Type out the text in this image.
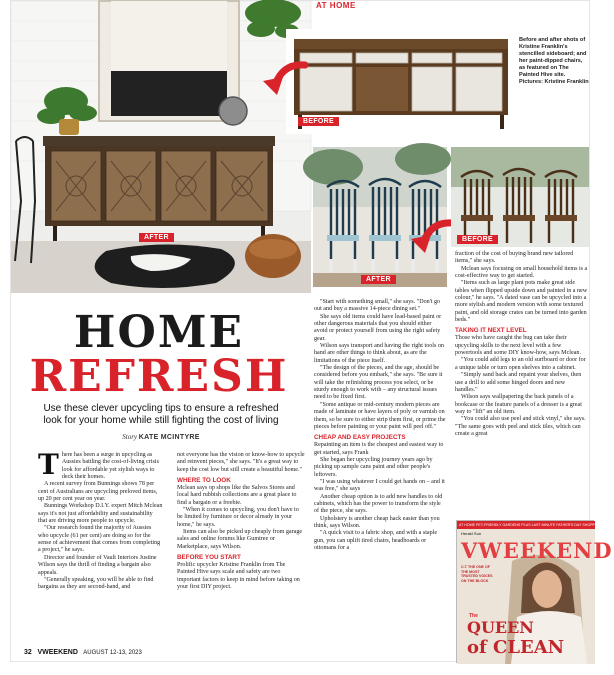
AFTER
AT HOME
BEFORE
Before and after shots of Kristine Franklin's stencilled sideboard; and her paint-dipped chairs, as featured on The Painted Hive site. Pictures: Kristine Franklin
AFTER
BEFORE
HOME
REFRESH
Use these clever upcycling tips to ensure a refreshed look for your home while still fighting the cost of living
Story KATE MCINTYRE

There has been a surge in upcycling as Aussies battling the cost-of-living crisis look for affordable yet stylish ways to deck their homes.

A recent survey from Bunnings shows 78 per cent of Australians are upcycling preloved items, up 20 per cent year on year.

Bunnings Workshop D.I.Y. expert Mitch Mclean says it's not just affordability and sustainability that are driving more people to upcycle.

"Our research found the majority of Aussies who upcycle (61 per cent) are doing so for the sense of achievement that comes from completing a project," he says.

Director and founder of Vault Interiors Justine Wilson says the thrill of finding a bargain also appeals.

"Generally speaking, you will be able to find bargains as they are second-hand, and

not everyone has the vision or know-how to upcycle and reinvent pieces," she says. "It's a great way to keep the cost low but still create a beautiful home."

WHERE TO LOOK

Mclean says op shops like the Salvos Stores and local hard rubbish collections are a great place to find a bargain or a freebie.

"When it comes to upcycling, you don't have to be limited by furniture or decor already in your home," he says.

Items can also be picked up cheaply from garage sales and online forums like Gumtree or Marketplace, says Wilson.

BEFORE YOU START

Prolific upcycler Kristine Franklin from The Painted Hive says scale and safety are two important factors to keep in mind before taking on your first DIY project.

"Start with something small," she says. "Don't go out and buy a massive 14-piece dining set."

She says old items could have lead-based paint or other dangerous materials that you should either avoid or protect yourself from using the right safety gear.

Wilson says transport and having the right tools on hand are other things to think about, as are the limitations of the piece itself.

"The design of the pieces, and the age, should be considered before you embark," she says. "Be sure it will take the refinishing process you select, or be sturdy enough to work with – any structural issues need to be fixed first.

"Some antique or mid-century modern pieces are made of laminate or have layers of poly or varnish on them, so be sure to either strip them first, or prime the pieces before painting or your paint will peel off."

CHEAP AND EASY PROJECTS

Repainting an item is the cheapest and easiest way to get started, says Frank

She began her upcycling journey years ago by picking up sample cans paint and other people's leftovers.

"I was using whatever I could get hands on – and it was free," she says

Another cheap option is to add new handles to old cabinets, which has the power to transform the style of the piece, she says.

Upholstery is another cheap hack easier than you think, says Wilson.

"A quick visit to a fabric shop, and with a staple gun, you can uplift tired chairs, headboards or ottomans for a

fraction of the cost of buying brand new tailored items," she says.

Mclean says focusing on small household items is a cost-effective way to get started.

"Items such as large plant pots make great side tables when flipped upside down and painted in a new colour," he says. "A dated vase can be upcycled into a more stylish and modern version with some textured paint, and old storage crates can be turned into garden beds."

TAKING IT NEXT LEVEL

Those who have caught the bug can take their upcycling skills to the next level with a few powertools and some DIY know-how, says Mclean.

"You could add legs to an old surfboard or door for a unique table or turn open shelves into a cabinet.

"Simply sand back and repaint your shelves, then use a drill to add some hinged doors and new handles."

Wilson says wallpapering the back panels of a bookcase or the feature panels of a dresser is a great way to "lift" an old item.

"You could also use peel and stick vinyl," she says. "The same goes with peel and stick tiles, which can create a great

AT HOME PET-FRIENDLY GARDENS PLUS LAST MINUTE FATHER'S DAY SHOPPING GUIDE
Herald Sun
VWEEKEND
C-T THE ONE OF THE MOST TRUSTED VOICES ON THE BLOCK
The
QUEEN
of CLEAN
32 VWEEKEND AUGUST 12-13, 2023
